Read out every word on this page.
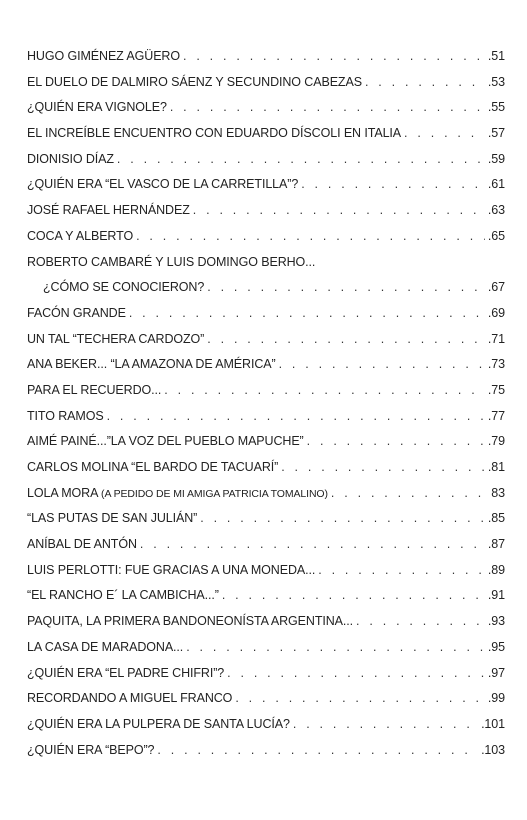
HUGO GIMÉNEZ AGÜERO . . .	.51
EL DUELO DE DALMIRO SÁENZ Y SECUNDINO CABEZAS . . .	.53
¿QUIÉN ERA VIGNOLE? . . .	.55
EL INCREÍBLE ENCUENTRO CON EDUARDO DÍSCOLI EN ITALIA . . .	.57
DIONISIO DÍAZ . . .	.59
¿QUIÉN ERA “EL VASCO DE LA CARRETILLA”? . . .	.61
JOSÉ RAFAEL HERNÁNDEZ . . .	.63
COCA Y ALBERTO . . .	.65
ROBERTO CAMBARÉ Y LUIS DOMINGO BERHO...
¿CÓMO SE CONOCIERON? . . .	.67
FACÓN GRANDE . . .	.69
UN TAL “TECHERA CARDOZO” . . .	.71
ANA BEKER... “LA AMAZONA DE AMÉRICA” . . .	.73
PARA EL RECUERDO... . . .	.75
TITO RAMOS . . .	.77
AIMÉ PAINÉ...”LA VOZ DEL PUEBLO MAPUCHE” . . .	.79
CARLOS MOLINA “EL BARDO DE TACUARÍ” . . .	.81
LOLA MORA (A PEDIDO DE MI AMIGA PATRICIA TOMALINO) . . .	83
“LAS PUTAS DE SAN JULIÁN” . . .	.85
ANÍBAL DE ANTÓN . . .	.87
LUIS PERLOTTI: FUE GRACIAS A UNA MONEDA... . . .	.89
“EL RANCHO E´ LA CAMBICHA...” . . .	.91
PAQUITA, LA PRIMERA BANDONEONÍSTA ARGENTINA... . . .	.93
LA CASA DE MARADONA... . . .	.95
¿QUIÉN ERA “EL PADRE CHIFRI”? . . .	.97
RECORDANDO A MIGUEL FRANCO . . .	.99
¿QUIÉN ERA LA PULPERA DE SANTA LUCÍA? . . .	.101
¿QUIÉN ERA “BEPO”? . . .	.103
